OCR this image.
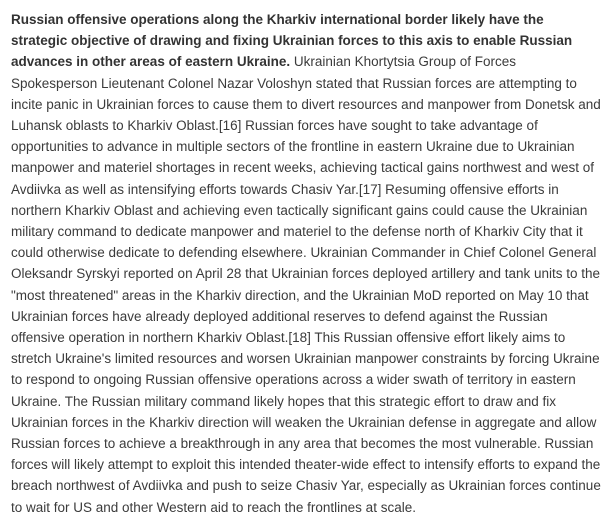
Russian offensive operations along the Kharkiv international border likely have the strategic objective of drawing and fixing Ukrainian forces to this axis to enable Russian advances in other areas of eastern Ukraine. Ukrainian Khortytsia Group of Forces Spokesperson Lieutenant Colonel Nazar Voloshyn stated that Russian forces are attempting to incite panic in Ukrainian forces to cause them to divert resources and manpower from Donetsk and Luhansk oblasts to Kharkiv Oblast.[16] Russian forces have sought to take advantage of opportunities to advance in multiple sectors of the frontline in eastern Ukraine due to Ukrainian manpower and materiel shortages in recent weeks, achieving tactical gains northwest and west of Avdiivka as well as intensifying efforts towards Chasiv Yar.[17] Resuming offensive efforts in northern Kharkiv Oblast and achieving even tactically significant gains could cause the Ukrainian military command to dedicate manpower and materiel to the defense north of Kharkiv City that it could otherwise dedicate to defending elsewhere. Ukrainian Commander in Chief Colonel General Oleksandr Syrskyi reported on April 28 that Ukrainian forces deployed artillery and tank units to the "most threatened" areas in the Kharkiv direction, and the Ukrainian MoD reported on May 10 that Ukrainian forces have already deployed additional reserves to defend against the Russian offensive operation in northern Kharkiv Oblast.[18] This Russian offensive effort likely aims to stretch Ukraine's limited resources and worsen Ukrainian manpower constraints by forcing Ukraine to respond to ongoing Russian offensive operations across a wider swath of territory in eastern Ukraine. The Russian military command likely hopes that this strategic effort to draw and fix Ukrainian forces in the Kharkiv direction will weaken the Ukrainian defense in aggregate and allow Russian forces to achieve a breakthrough in any area that becomes the most vulnerable. Russian forces will likely attempt to exploit this intended theater-wide effect to intensify efforts to expand the breach northwest of Avdiivka and push to seize Chasiv Yar, especially as Ukrainian forces continue to wait for US and other Western aid to reach the frontlines at scale.
